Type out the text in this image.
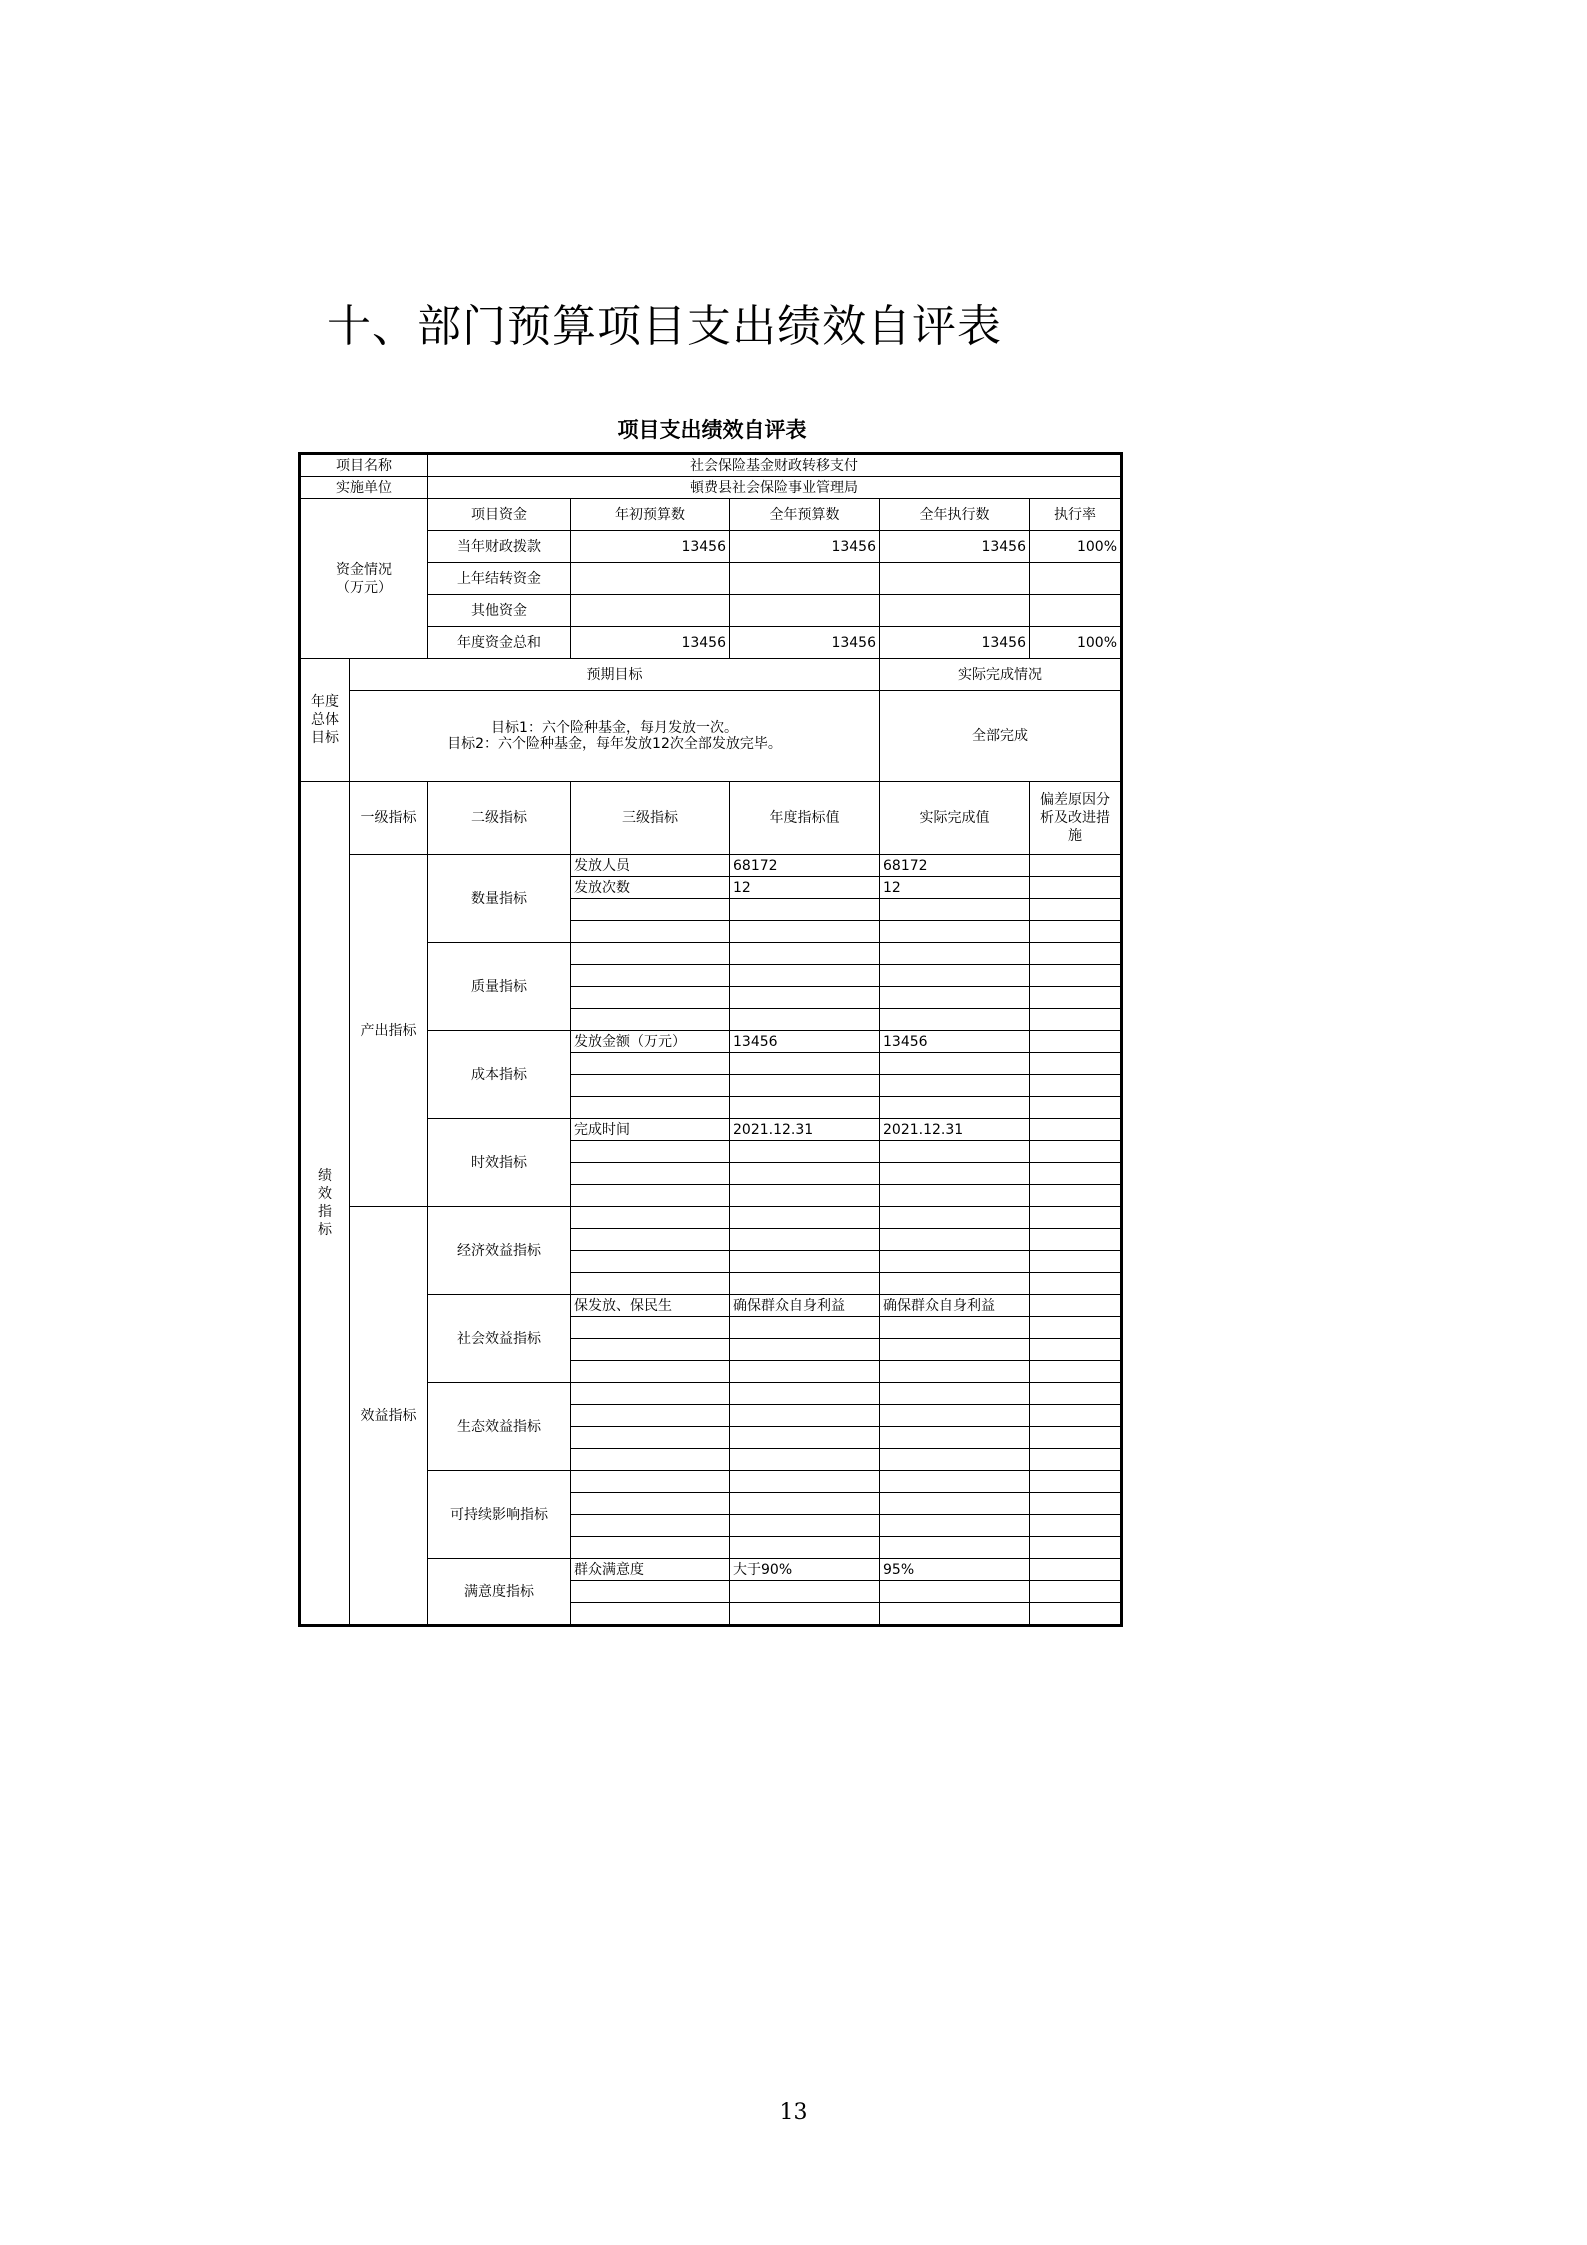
十、部门预算项目支出绩效自评表
项目支出绩效自评表
项目名称		社会保险基金财政转移支付				
实施单位		頓费县社会保险事业管理局				
资金情况（万元）		项目资金	年初预算数	全年预算数	全年执行数	执行率
		当年财政拨款	13456	13456	13456	100%
		上年结转资金				
		其他资金				
		年度资金总和	13456	13456	13456	100%
年度总体目标	预期目标				实际完成情况	

	目标1：六个险种基金，每月发放一次。
目标2：六个险种基金，每年发放12次全部发放完毕。				全部完成	
绩效指标	一级指标	二级指标	三级指标	年度指标值	实际完成值	偏差原因分析及改进措施
	产出指标	数量指标	发放人员	68172	68172	
			发放次数	12	12	

		质量指标				

		成本指标	发放金额（万元）	13456	13456	

		时效指标	完成时间	2021.12.31	2021.12.31	

	效益指标	经济效益指标				

		社会效益指标	保发放、保民生	确保群众自身利益	确保群众自身利益	

		生态效益指标				

		可持续影响指标				

		满意度指标	群众满意度	大于90%	95%	

13
